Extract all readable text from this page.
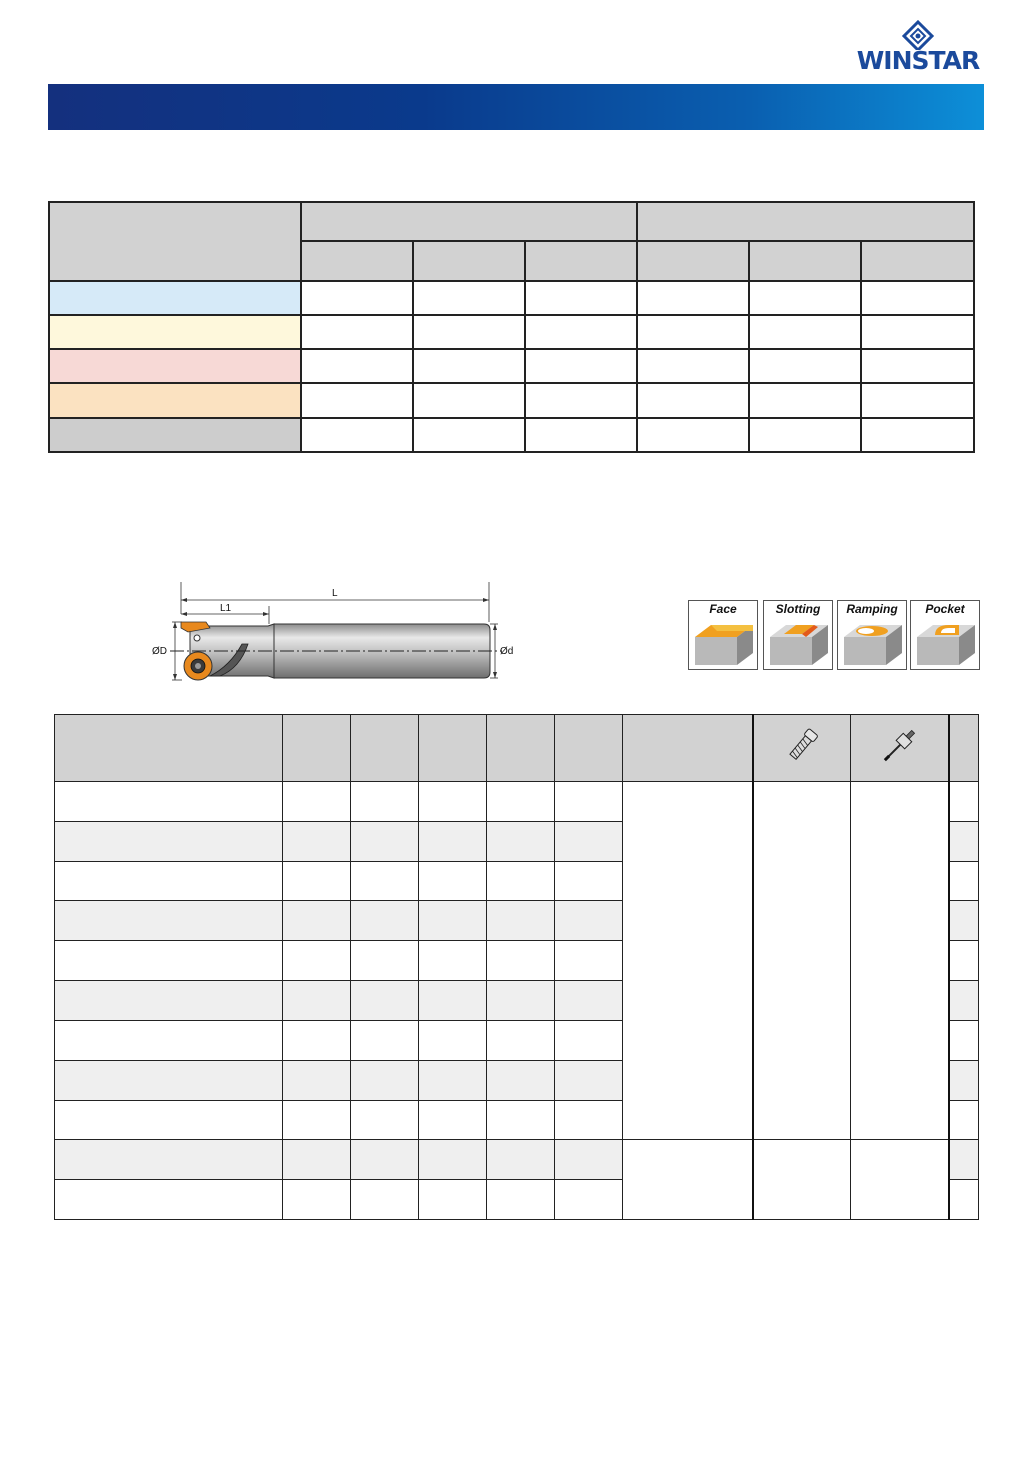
WINSTAR

L
L1
ØD	Ød
Face	Slotting	Ramping	Pocket
